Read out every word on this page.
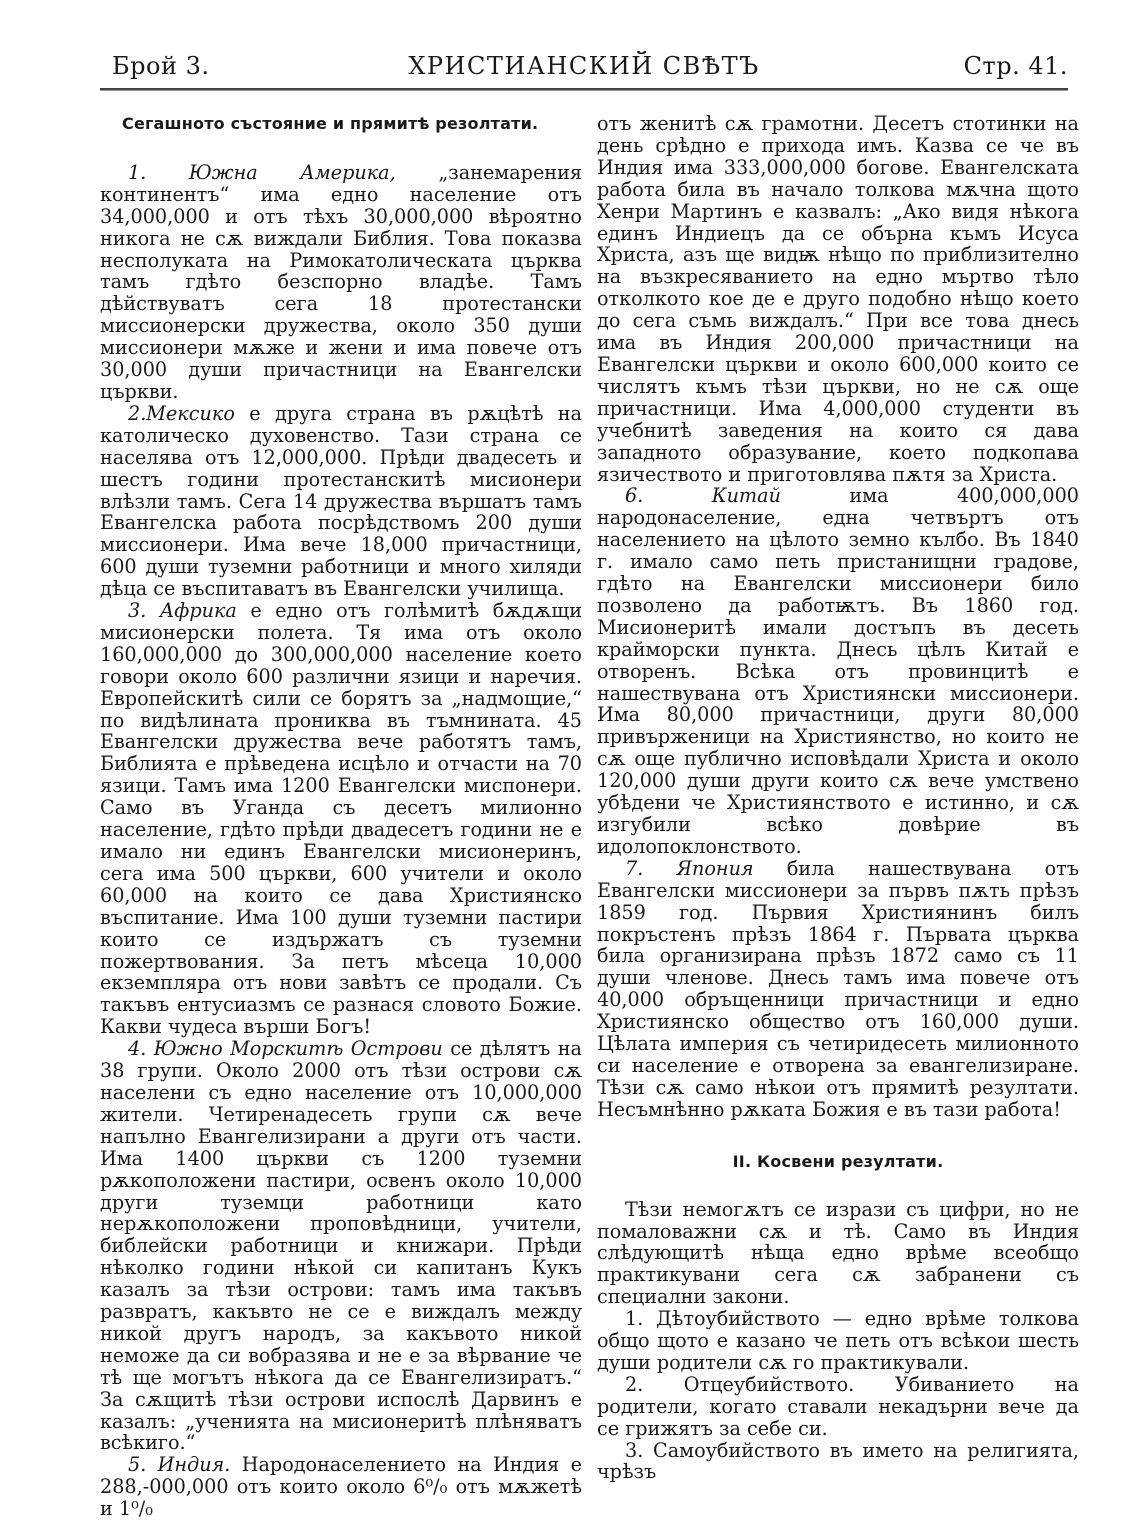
Брой 3.	ХРИСТИАНСКИЙ СВѢТЪ	Стр. 41.

Сегашното състояние и прямитѣ резолтати.

1. Южна Америка, „занемарения континентъ“ има едно население отъ 34,000,000 и отъ тѣхъ 30,000,000 вѣроятно никога не сѫ виждали Библия. Това показва несполуката на Римокатолическата църква тамъ гдѣто безспорно владѣе. Тамъ дѣйствуватъ сега 18 протестански миссионерски дружества, около 350 души миссионери мѫже и жени и има повече отъ 30,000 души причастници на Евангелски църкви.

2.Мексико е друга страна въ рѫцѣтѣ на католическо духовенство. Тази страна се населява отъ 12,000,000. Прѣди двадесеть и шестъ години протестанскитѣ мисионери влѣзли тамъ. Сега 14 дружества вършатъ тамъ Евангелска работа посрѣдствомъ 200 души миссионери. Има вече 18,000 причастници, 600 души туземни работници и много хиляди дѣца се въспитаватъ въ Евангелски училища.

3. Африка е едно отъ голѣмитѣ бѫдѫщи мисионерски полета. Тя има отъ около 160,000,000 до 300,000,000 население което говори около 600 различни язици и наречия. Европейскитѣ сили се борятъ за „надмощие,“ по видѣлината прониква въ тъмнината. 45 Евангелски дружества вече работятъ тамъ, Библията е прѣведена исцѣло и отчасти на 70 язици. Тамъ има 1200 Евангелски миспонери. Само въ Уганда съ десетъ милионно население, гдѣто прѣди двадесетъ години не е имало ни единъ Евангелски мисионеринъ, сега има 500 църкви, 600 учители и около 60,000 на които се дава Християнско въспитание. Има 100 души туземни пастири които се издържатъ съ туземни пожертвования. За петъ мѣсеца 10,000 екземпляра отъ нови завѣтъ се продали. Съ такъвъ ентусиазмъ се разнася словото Божие. Какви чудеса върши Богъ!

4. Южно Морскитѣ Острови се дѣлятъ на 38 групи. Около 2000 отъ тѣзи острови сѫ населени съ едно население отъ 10,000,000 жители. Четиренадесеть групи сѫ вече напълно Евангелизирани а други отъ части. Има 1400 църкви съ 1200 туземни рѫкоположени пастири, освенъ около 10,000 други туземци работници като нерѫкоположени проповѣдници, учители, библейски работници и книжари. Прѣди нѣколко години нѣкой си капитанъ Кукъ казалъ за тѣзи острови: тамъ има такъвъ развратъ, какъвто не се е виждалъ между никой другъ народъ, за какъвото никой неможе да си вобразява и не е за вѣрвание че тѣ ще могътъ нѣкога да се Евангелизиратъ.“ За сѫщитѣ тѣзи острови испослѣ Дарвинъ е казалъ: „ученията на мисионеритѣ плѣняватъ всѣкиго.“

5. Индия. Народонаселението на Индия е 288,-000,000 отъ които около 6⁰/₀ отъ мѫжетѣ и 1⁰/₀

отъ женитѣ сѫ грамотни. Десетъ стотинки на день срѣдно е прихода имъ. Казва се че въ Индия има 333,000,000 богове. Евангелската работа била въ начало толкова мѫчна щото Хенри Мартинъ е казвалъ: „Ако видя нѣкога единъ Индиецъ да се обърна къмъ Исуса Христа, азъ ще видѭ нѣщо по приблизително на възкресяванието на едно мъртво тѣло отколкото кое де е друго подобно нѣщо което до сега съмь виждалъ.“ При все това днесь има въ Индия 200,000 причастници на Евангелски църкви и около 600,000 които се числятъ къмъ тѣзи църкви, но не сѫ още причастници. Има 4,000,000 студенти въ учебнитѣ заведения на които ся дава западното образувание, което подкопава язичеството и приготовлява пѫтя за Христа.

6. Китай има 400,000,000 народонаселение, една четвъртъ отъ населението на цѣлото земно кълбо. Въ 1840 г. имало само петь пристанищни градове, гдѣто на Евангелски миссионери било позволено да работѭтъ. Въ 1860 год. Мисионеритѣ имали достъпъ въ десеть крайморски пункта. Днесь цѣлъ Китай е отворенъ. Всѣка отъ провинцитѣ е нашествувана отъ Християнски миссионери. Има 80,000 причастници, други 80,000 привърженици на Християнство, но които не сѫ още публично исповѣдали Христа и около 120,000 души други които сѫ вече умствено убѣдени че Християнството е истинно, и сѫ изгубили всѣко довѣрие въ идолопоклонството.

7. Япония била нашествувана отъ Евангелски миссионери за първъ пѫть прѣзъ 1859 год. Първия Християнинъ билъ покръстенъ прѣзъ 1864 г. Първата църква била организирана прѣзъ 1872 само съ 11 души членове. Днесь тамъ има повече отъ 40,000 обръщенници причастници и едно Християнско общество отъ 160,000 души. Цѣлата империя съ четиридесеть милионното си население е отворена за евангелизиране. Тѣзи сѫ само нѣкои отъ прямитѣ резултати. Несъмнѣнно рѫката Божия е въ тази работа!

II. Косвени резултати.

Тѣзи немогѫтъ се изрази съ цифри, но не помаловажни сѫ и тѣ. Само въ Индия слѣдующитѣ нѣща едно врѣме всеобщо практикувани сега сѫ забранени съ специални закони.

1. Дѣтоубийството — едно врѣме толкова общо щото е казано че петь отъ всѣкои шесть души родители сѫ го практикували.

2. Отцеубийството. Убиванието на родители, когато ставали некадърни вече да се грижятъ за себе си.

3. Самоубийството въ името на религията, чрѣзъ
